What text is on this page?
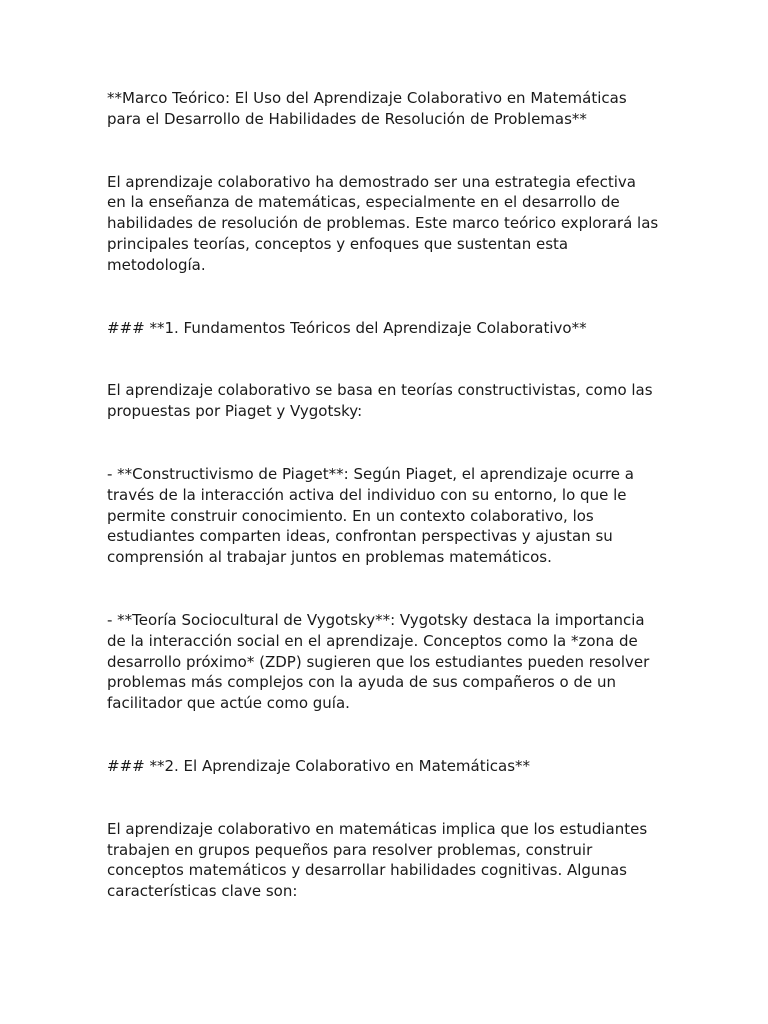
**Marco Teórico: El Uso del Aprendizaje Colaborativo en Matemáticas
para el Desarrollo de Habilidades de Resolución de Problemas**

El aprendizaje colaborativo ha demostrado ser una estrategia efectiva
en la enseñanza de matemáticas, especialmente en el desarrollo de
habilidades de resolución de problemas. Este marco teórico explorará las
principales teorías, conceptos y enfoques que sustentan esta
metodología.

### **1. Fundamentos Teóricos del Aprendizaje Colaborativo**

El aprendizaje colaborativo se basa en teorías constructivistas, como las
propuestas por Piaget y Vygotsky:

- **Constructivismo de Piaget**: Según Piaget, el aprendizaje ocurre a
través de la interacción activa del individuo con su entorno, lo que le
permite construir conocimiento. En un contexto colaborativo, los
estudiantes comparten ideas, confrontan perspectivas y ajustan su
comprensión al trabajar juntos en problemas matemáticos.

- **Teoría Sociocultural de Vygotsky**: Vygotsky destaca la importancia
de la interacción social en el aprendizaje. Conceptos como la *zona de
desarrollo próximo* (ZDP) sugieren que los estudiantes pueden resolver
problemas más complejos con la ayuda de sus compañeros o de un
facilitador que actúe como guía.

### **2. El Aprendizaje Colaborativo en Matemáticas**

El aprendizaje colaborativo en matemáticas implica que los estudiantes
trabajen en grupos pequeños para resolver problemas, construir
conceptos matemáticos y desarrollar habilidades cognitivas. Algunas
características clave son:
